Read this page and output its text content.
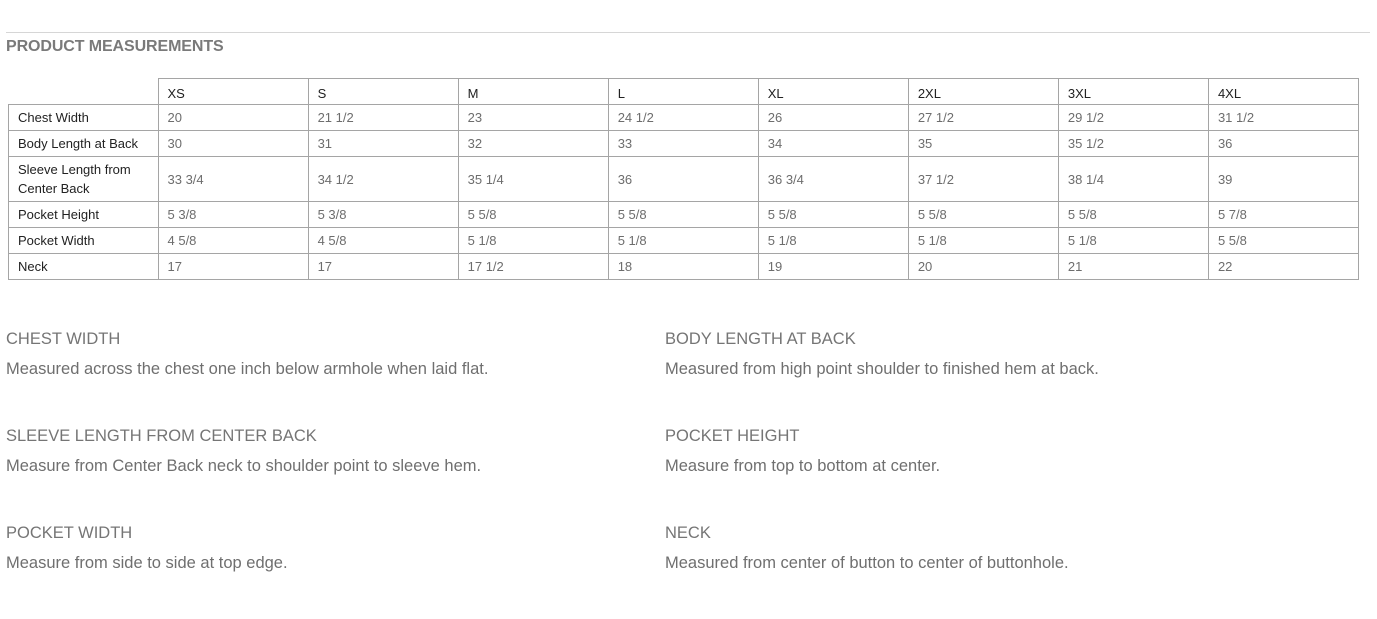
PRODUCT MEASUREMENTS
	XS	S	M	L	XL	2XL	3XL	4XL
Chest Width	20	21 1/2	23	24 1/2	26	27 1/2	29 1/2	31 1/2
Body Length at Back	30	31	32	33	34	35	35 1/2	36
Sleeve Length from Center Back	33 3/4	34 1/2	35 1/4	36	36 3/4	37 1/2	38 1/4	39
Pocket Height	5 3/8	5 3/8	5 5/8	5 5/8	5 5/8	5 5/8	5 5/8	5 7/8
Pocket Width	4 5/8	4 5/8	5 1/8	5 1/8	5 1/8	5 1/8	5 1/8	5 5/8
Neck	17	17	17 1/2	18	19	20	21	22
CHEST WIDTH
Measured across the chest one inch below armhole when laid flat.
BODY LENGTH AT BACK
Measured from high point shoulder to finished hem at back.
SLEEVE LENGTH FROM CENTER BACK
Measure from Center Back neck to shoulder point to sleeve hem.
POCKET HEIGHT
Measure from top to bottom at center.
POCKET WIDTH
Measure from side to side at top edge.
NECK
Measured from center of button to center of buttonhole.
